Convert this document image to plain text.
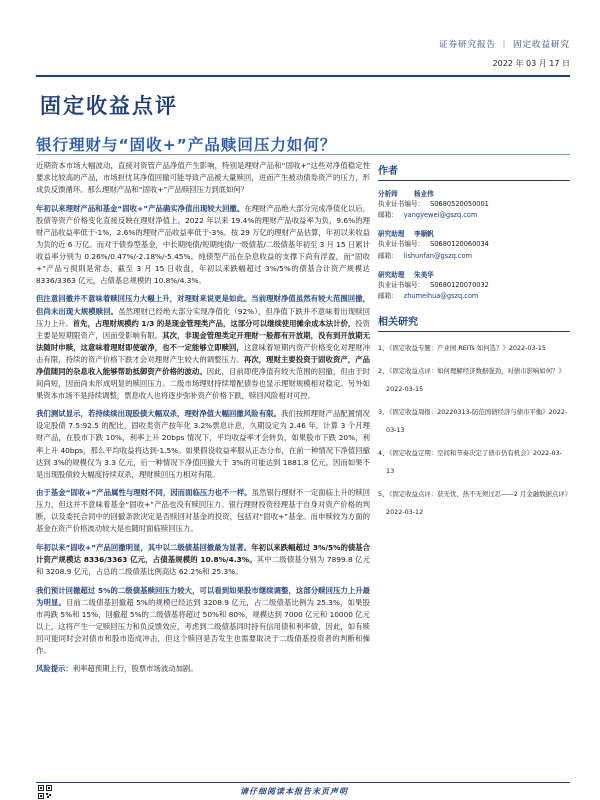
证券研究报告 ｜ 固定收益研究
2022 年 03 月 17 日
固定收益点评
银行理财与“固收+”产品赎回压力如何？

近期资本市场大幅波动，直接对资管产品净值产生影响，特别是理财产品和“固收+”这些对净值稳定性要求比较高的产品，市场担忧其净值回撤可能导致产品被大量赎回，进而产生被动债券资产的压力，形成负反馈循环。那么理财产品和“固收+”产品赎回压力到底如何？

年初以来理财产品和基金“固收+”产品确实净值出现较大回撤。在理财产品绝大部分完成净值化以后，股债等资产价格变化直接反映在理财净值上，2022 年以来 19.4%的理财产品收益率为负，9.6%的理财产品收益率低于-1%，2.6%的理财产品收益率低于-3%。按 29 万亿的理财产品估算，年初以来收益为负的近 6 万亿。而对于债券型基金，中长期纯债/短期纯债/一级债基/二级债基年初至 3 月 15 日累计收益率分别为 0.26%/0.47%/-2.18%/-5.45%。纯债型产品在杂息收益的支撑下尚有浮盈，而“固收+”产品亏损則是常态，截至 3 月 15 日收盘，年初以来跌幅超过 3%/5%的债基合计资产规模达 8336/3363 亿元，占债基总规模的 10.8%/4.3%。

但注意回撤并不意味着赎回压力大幅上升，对理财来说更是如此。当前理财净值虽然有较大范围回撤，但尚未出现大规模赎回。虽然理财已经绝大部分实现净值化（92%），但净值下跌并不意味着出现赎回压力上升。首先，占理财规模约 1/3 的是现金管理类产品，这部分可以继续使用摊余成本法计价，投资主要是短期限资产，因而受影响有限。其次，非现金管理类定开理财一般都有开放期，没有到开放期无法随时申赎，这意味着理财即使破净，也不一定能够立即赎回，这意味着短期内资产价格变化对理财冲击有限，持续的资产价格下跌才会对理财产生较大的调整压力。再次，理财主要投资于固收资产，产品净值随同的杂息收入能够帮助抵御资产价格的波动。因此，目前即使净值有较大范围的回撤，但由于时间尚短，因而尚未形成明显的赎回压力。二级市场理财持续增配债券也显示理财规模相对稳定。另外如果资本市场不是持续调整，票息收入也将逐步弥补资产价格下跌，赎回风险相对可控。

我们测试显示，若持续续出现股债大幅双杀，理财净值大幅回撤风险有限。我们按照理财产品配置情况设定股债 7.5:92.5 的配比，固收类资产按年化 3.2%票息计息，久期设定为 2.46 年，计算 3 个月理财产品，在股市下跌 10%，利率上升 20bps 情况下，平均收益率才会转负，如果股市下跌 20%，利率上升 40bps，那么平均收益将达到-1.5%。如果假设收益率服从正态分布，在前一种情况下净值回撤达到 3%的规模仅为 3.3 亿元，后一种情况下净值回撤大于 3%的可能达到 1881.8 亿元。因而如果不是出现股债较大幅度持续双杀，理财赎回压力相对有限。

由于基金“固收+”产品属性与理财不同，因而面临压力也不一样。虽然银行理财不一定面临上升的赎回压力，但这并不意味着基金“固收+”产品也没有赎回压力。银行理财投资经理基于自身对资产价格的判断，以及委托合同中的回撤条款决定是否赎回对基金的投资，包括对“固收+”基金。而申赎较为方面的基金在资产价格波动较大是也随时面临赎回压力。

年初以来“固收+”产品回撤明显，其中以二级债基回撤最为显著。年初以来跌幅超过 3%/5%的债基合计资产规模达 8336/3363 亿元，占债基规模的 10.8%/4.3%。其中二级债基分别为 7899.8 亿元和 3208.9 亿元，占总的二级债基比例高达 62.2%和 25.3%。

我们预计回撤超过 5%的二级债基赎回压力较大，可以看到如果股市继续调整，这部分赎回压力上升最为明显。目前二级债基回撤超 5%的规模已经达到 3208.9 亿元，占二级债基比例为 25.3%，如果股市再跌 5%和 15%，回撤超 5%的二级债基将超过 50%和 80%，规模达到 7000 亿元和 10000 亿元以上，这将产生一定赎回压力和负反馈效应，考虑到二级债基同时持有信用债和利率债，因此，如有赎回可能同时会对债市和股市造成冲击，但这个赎回是否发生也需要取决于二级债基投资者的判断和操作。

风险提示：利率超预期上行，股票市场波动加剧。

作者
分析师	杨业伟
执业证书编号： S0680520050001
邮箱： yangyewei@gszq.com
研究助理	李顺帆
执业证书编号： S0680120060034
邮箱： lishunfan@gszq.com
研究助理	朱美华
执业证书编号： S0680120070032
邮箱： zhumeihua@gszq.com
相关研究
1、
《固定收益专题：产业园 REITs 如何选？》2022-03-15
2、
《固定收益点评：如何理解经济数据强劲，对债市影响如何？》2022-03-15
3、
《固定收益周报：20220313-防范国债经济与债市平衡》2022-03-13
4、
《固定收益定期：空间和节奏决定了债市仍有机会》2022-03-13
5、
《固定收益点评：获无忧，热不无须过忍——2 月金融数据点评》2022-03-12
请仔细阅读本报告末页声明
